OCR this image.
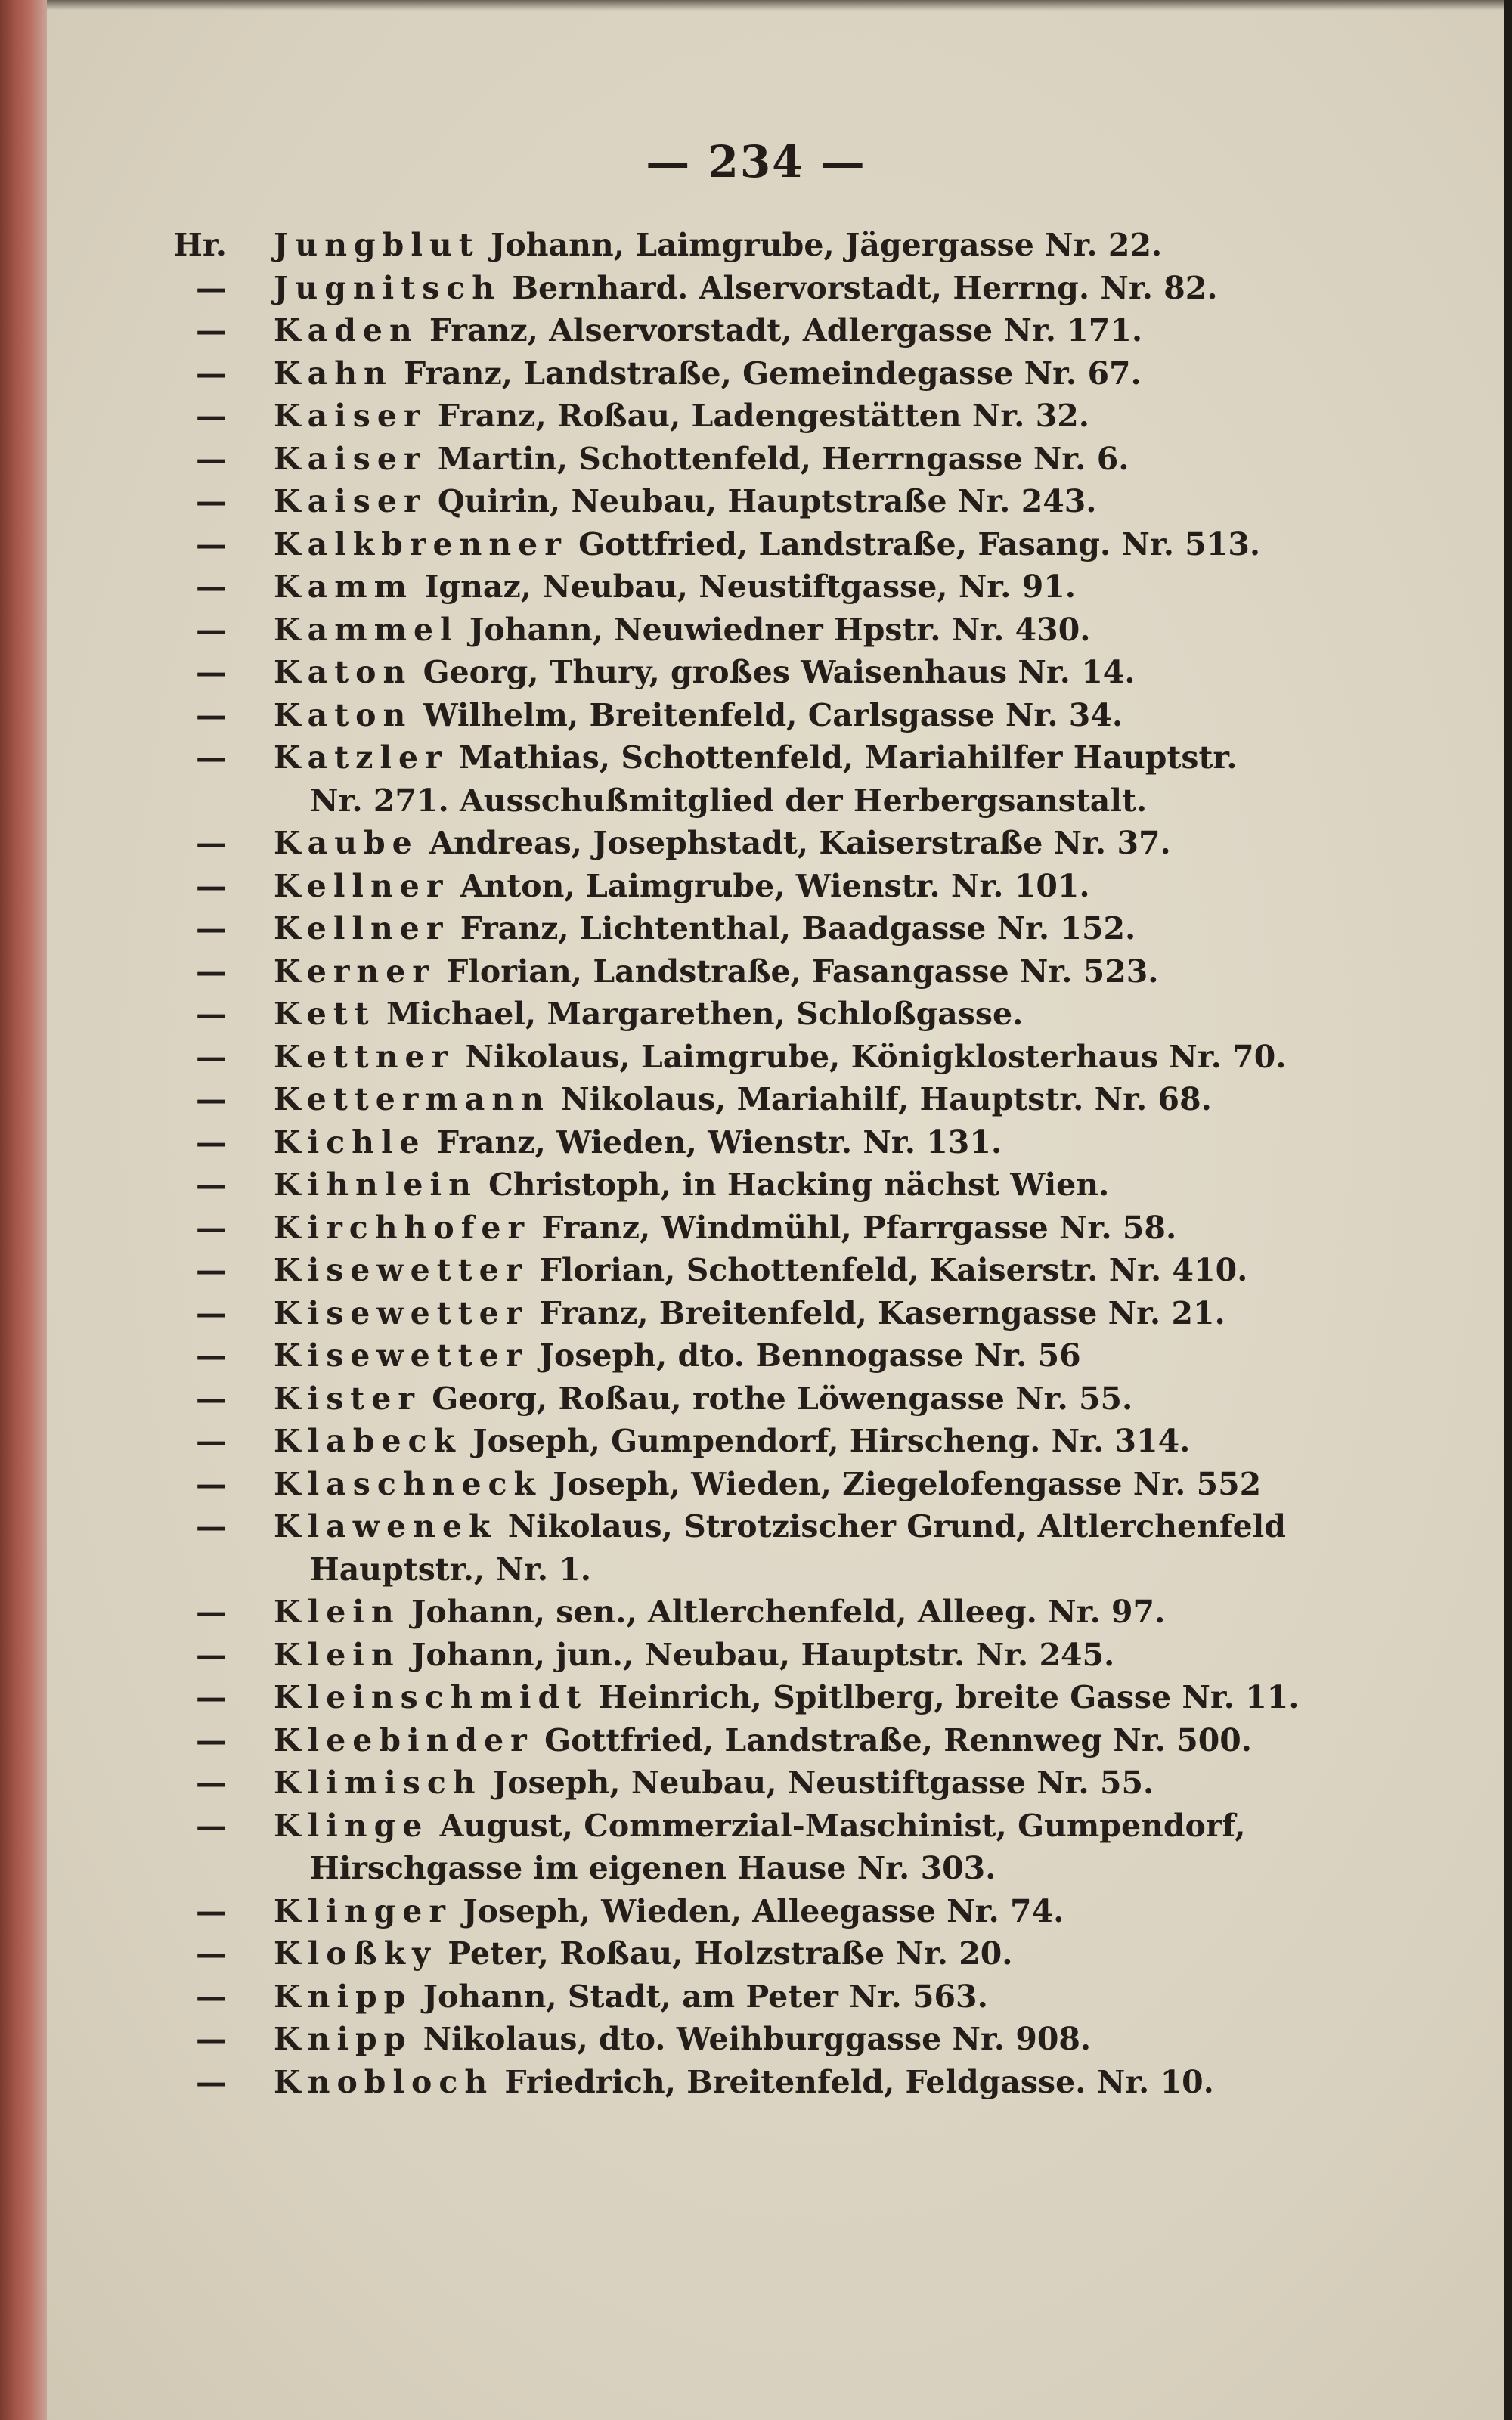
— 234 —
Hr. Jungblut Johann, Laimgrube, Jägergasse Nr. 22.
— Jugnitsch Bernhard. Alservorstadt, Herrng. Nr. 82.
— Kaden Franz, Alservorstadt, Adlergasse Nr. 171.
— Kahn Franz, Landstraße, Gemeindegasse Nr. 67.
— Kaiser Franz, Roßau, Ladengestätten Nr. 32.
— Kaiser Martin, Schottenfeld, Herrngasse Nr. 6.
— Kaiser Quirin, Neubau, Hauptstraße Nr. 243.
— Kalkbrenner Gottfried, Landstraße, Fasang. Nr. 513.
— Kamm Ignaz, Neubau, Neustiftgasse, Nr. 91.
— Kammel Johann, Neuwiedner Hpstr. Nr. 430.
— Katon Georg, Thury, großes Waisenhaus Nr. 14.
— Katon Wilhelm, Breitenfeld, Carlsgasse Nr. 34.
— Katzler Mathias, Schottenfeld, Mariahilfer Hauptstr.
Nr. 271. Ausschußmitglied der Herbergsanstalt.
— Kaube Andreas, Josephstadt, Kaiserstraße Nr. 37.
— Kellner Anton, Laimgrube, Wienstr. Nr. 101.
— Kellner Franz, Lichtenthal, Baadgasse Nr. 152.
— Kerner Florian, Landstraße, Fasangasse Nr. 523.
— Kett Michael, Margarethen, Schloßgasse.
— Kettner Nikolaus, Laimgrube, Königklosterhaus Nr. 70.
— Kettermann Nikolaus, Mariahilf, Hauptstr. Nr. 68.
— Kichle Franz, Wieden, Wienstr. Nr. 131.
— Kihnlein Christoph, in Hacking nächst Wien.
— Kirchhofer Franz, Windmühl, Pfarrgasse Nr. 58.
— Kisewetter Florian, Schottenfeld, Kaiserstr. Nr. 410.
— Kisewetter Franz, Breitenfeld, Kaserngasse Nr. 21.
— Kisewetter Joseph, dto. Bennogasse Nr. 56
— Kister Georg, Roßau, rothe Löwengasse Nr. 55.
— Klabeck Joseph, Gumpendorf, Hirscheng. Nr. 314.
— Klaschneck Joseph, Wieden, Ziegelofengasse Nr. 552
— Klawenek Nikolaus, Strotzischer Grund, Altlerchenfeld
Hauptstr., Nr. 1.
— Klein Johann, sen., Altlerchenfeld, Alleeg. Nr. 97.
— Klein Johann, jun., Neubau, Hauptstr. Nr. 245.
— Kleinschmidt Heinrich, Spitlberg, breite Gasse Nr. 11.
— Kleebinder Gottfried, Landstraße, Rennweg Nr. 500.
— Klimisch Joseph, Neubau, Neustiftgasse Nr. 55.
— Klinge August, Commerzial-Maschinist, Gumpendorf,
Hirschgasse im eigenen Hause Nr. 303.
— Klinger Joseph, Wieden, Alleegasse Nr. 74.
— Kloßky Peter, Roßau, Holzstraße Nr. 20.
— Knipp Johann, Stadt, am Peter Nr. 563.
— Knipp Nikolaus, dto. Weihburggasse Nr. 908.
— Knobloch Friedrich, Breitenfeld, Feldgasse. Nr. 10.
